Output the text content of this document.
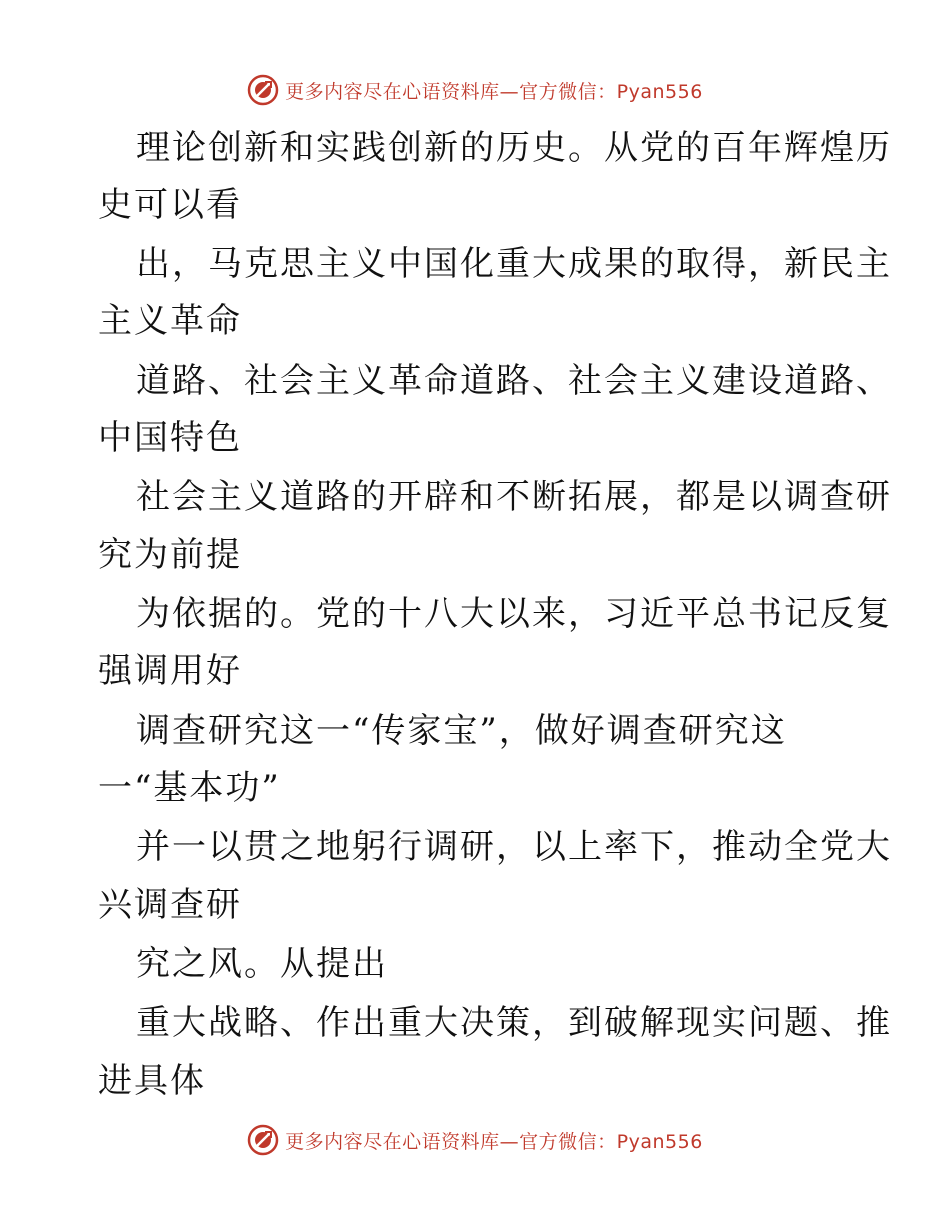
更多内容尽在心语资料库—官方微信：Pyan556
理论创新和实践创新的历史。从党的百年辉煌历
史可以看
出，马克思主义中国化重大成果的取得，新民主
主义革命
道路、社会主义革命道路、社会主义建设道路、
中国特色
社会主义道路的开辟和不断拓展，都是以调查研
究为前提
为依据的。党的十八大以来，习近平总书记反复
强调用好
调查研究这一“传家宝”，做好调查研究这
一“基本功”
并一以贯之地躬行调研，以上率下，推动全党大
兴调查研
究之风。从提出
重大战略、作出重大决策，到破解现实问题、推
进具体
更多内容尽在心语资料库—官方微信：Pyan556
